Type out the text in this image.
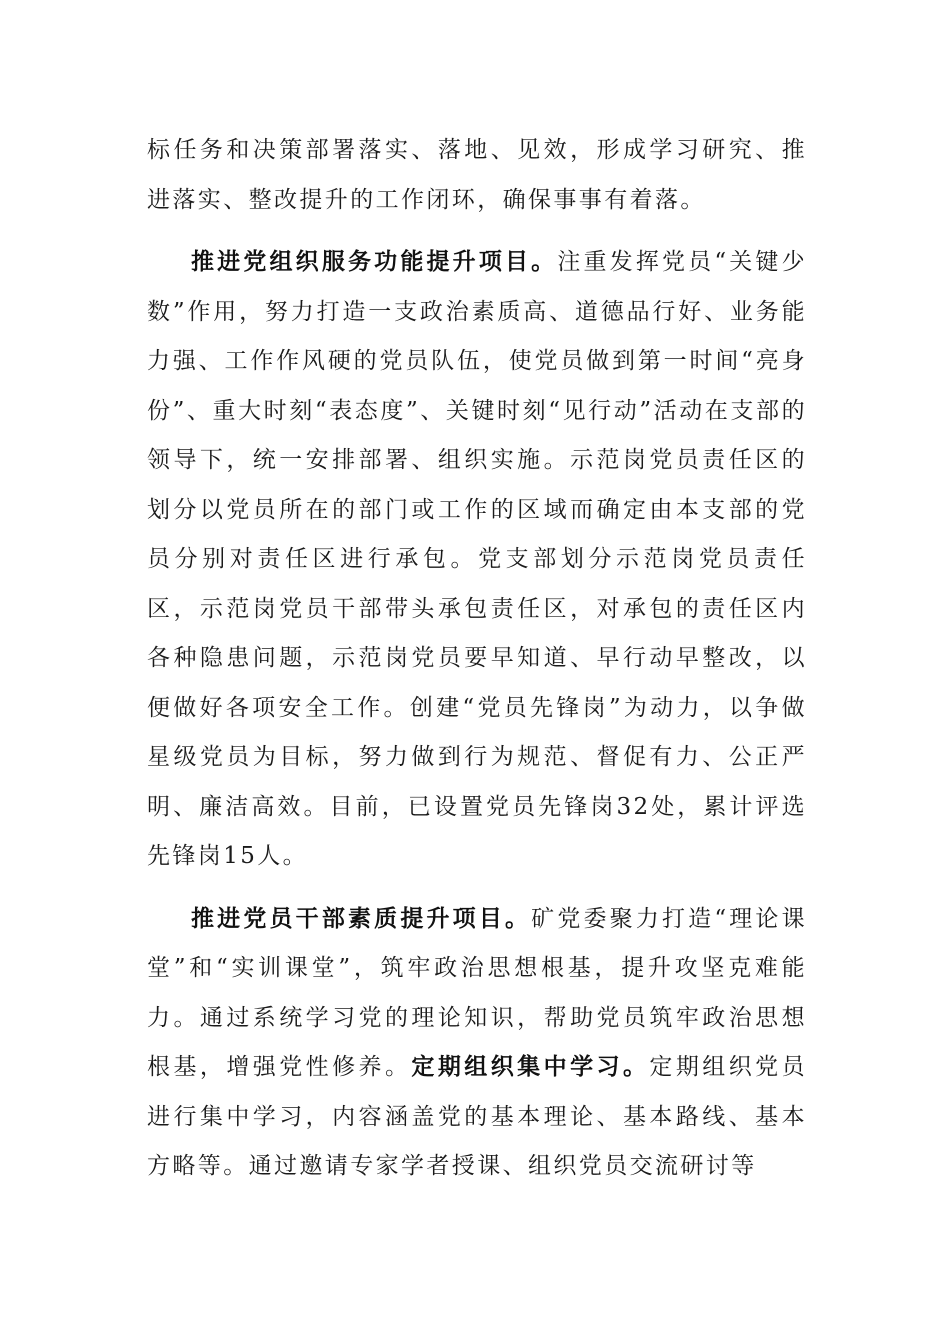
标任务和决策部署落实、落地、见效，形成学习研究、推进落实、整改提升的工作闭环，确保事事有着落。

推进党组织服务功能提升项目。注重发挥党员“关键少数”作用，努力打造一支政治素质高、道德品行好、业务能力强、工作作风硬的党员队伍，使党员做到第一时间“亮身份”、重大时刻“表态度”、关键时刻“见行动”活动在支部的领导下，统一安排部署、组织实施。示范岗党员责任区的划分以党员所在的部门或工作的区域而确定由本支部的党员分别对责任区进行承包。党支部划分示范岗党员责任区，示范岗党员干部带头承包责任区，对承包的责任区内各种隐患问题，示范岗党员要早知道、早行动早整改，以便做好各项安全工作。创建“党员先锋岗”为动力，以争做星级党员为目标，努力做到行为规范、督促有力、公正严明、廉洁高效。目前，已设置党员先锋岗32处，累计评选先锋岗15人。

推进党员干部素质提升项目。矿党委聚力打造“理论课堂”和“实训课堂”，筑牢政治思想根基，提升攻坚克难能力。通过系统学习党的理论知识，帮助党员筑牢政治思想根基，增强党性修养。定期组织集中学习。定期组织党员进行集中学习，内容涵盖党的基本理论、基本路线、基本方略等。通过邀请专家学者授课、组织党员交流研讨等
